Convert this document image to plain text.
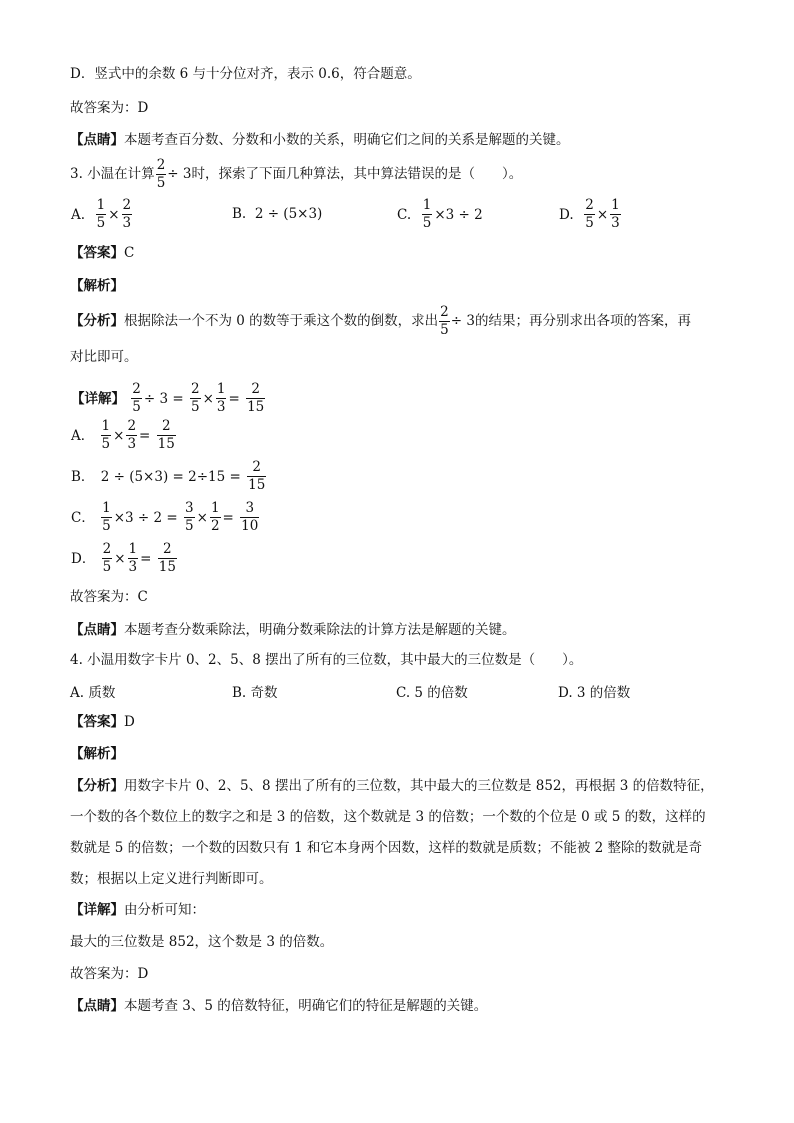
D．竖式中的余数 6 与十分位对齐，表示 0.6，符合题意。
故答案为：D
【点睛】本题考查百分数、分数和小数的关系，明确它们之间的关系是解题的关键。
3. 小温在计算 $\frac{2}{5} \div 3$时，探索了下面几种算法，其中算法错误的是（　　）。
A. $\frac{1}{5} \times \frac{2}{3}$	B. 2 ÷ (5×3)	C. $\frac{1}{5} \times 3 \div 2$	D. $\frac{2}{5} \times \frac{1}{3}$
【答案】C
【解析】
【分析】根据除法一个不为 0 的数等于乘这个数的倒数，求出 $\frac{2}{5} \div 3$的结果；再分别求出各项的答案，再
对比即可。
【详解】 $\frac{2}{5} \div 3 = \frac{2}{5} \times \frac{1}{3} = \frac{2}{15}$
A． $\frac{1}{5} \times \frac{2}{3} = \frac{2}{15}$
B． $2 \div (5\times 3) = 2\div 15 = \frac{2}{15}$
C． $\frac{1}{5} \times 3 \div 2 = \frac{3}{5} \times \frac{1}{2} = \frac{3}{10}$
D． $\frac{2}{5} \times \frac{1}{3} = \frac{2}{15}$
故答案为：C
【点睛】本题考查分数乘除法，明确分数乘除法的计算方法是解题的关键。
4. 小温用数字卡片 0、2、5、8 摆出了所有的三位数，其中最大的三位数是（　　）。
A. 质数	B. 奇数	C. 5 的倍数	D. 3 的倍数
【答案】D
【解析】
【分析】用数字卡片 0、2、5、8 摆出了所有的三位数，其中最大的三位数是 852，再根据 3 的倍数特征，
一个数的各个数位上的数字之和是 3 的倍数，这个数就是 3 的倍数；一个数的个位是 0 或 5 的数，这样的
数就是 5 的倍数；一个数的因数只有 1 和它本身两个因数，这样的数就是质数；不能被 2 整除的数就是奇
数；根据以上定义进行判断即可。
【详解】由分析可知：
最大的三位数是 852，这个数是 3 的倍数。
故答案为：D
【点睛】本题考查 3、5 的倍数特征，明确它们的特征是解题的关键。
